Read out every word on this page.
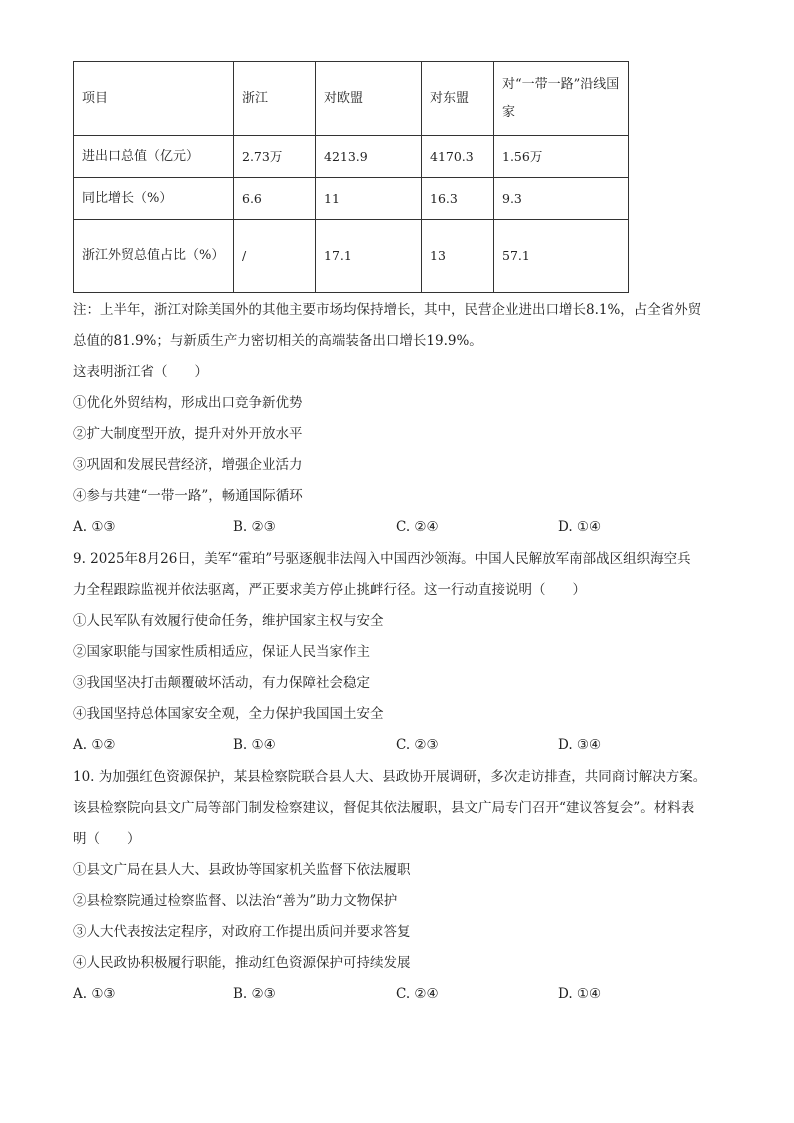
项目	浙江	对欧盟	对东盟	对“一带一路”沿线国家
进出口总值（亿元）	2.73万	4213.9	4170.3	1.56万
同比增长（%）	6.6	11	16.3	9.3
浙江外贸总值占比（%）	/	17.1	13	57.1
注：上半年，浙江对除美国外的其他主要市场均保持增长，其中，民营企业进出口增长8.1%，占全省外贸
总值的81.9%；与新质生产力密切相关的高端装备出口增长19.9%。
这表明浙江省（　　）
①优化外贸结构，形成出口竞争新优势
②扩大制度型开放，提升对外开放水平
③巩固和发展民营经济，增强企业活力
④参与共建“一带一路”，畅通国际循环
A. ①③	B. ②③	C. ②④	D. ①④
9. 2025年8月26日，美军“霍珀”号驱逐舰非法闯入中国西沙领海。中国人民解放军南部战区组织海空兵
力全程跟踪监视并依法驱离，严正要求美方停止挑衅行径。这一行动直接说明（　　）
①人民军队有效履行使命任务，维护国家主权与安全
②国家职能与国家性质相适应，保证人民当家作主
③我国坚决打击颠覆破坏活动，有力保障社会稳定
④我国坚持总体国家安全观，全力保护我国国土安全
A. ①②	B. ①④	C. ②③	D. ③④
10. 为加强红色资源保护，某县检察院联合县人大、县政协开展调研，多次走访排查，共同商讨解决方案。
该县检察院向县文广局等部门制发检察建议，督促其依法履职，县文广局专门召开“建议答复会”。材料表
明（　　）
①县文广局在县人大、县政协等国家机关监督下依法履职
②县检察院通过检察监督、以法治“善为”助力文物保护
③人大代表按法定程序，对政府工作提出质问并要求答复
④人民政协积极履行职能，推动红色资源保护可持续发展
A. ①③	B. ②③	C. ②④	D. ①④
